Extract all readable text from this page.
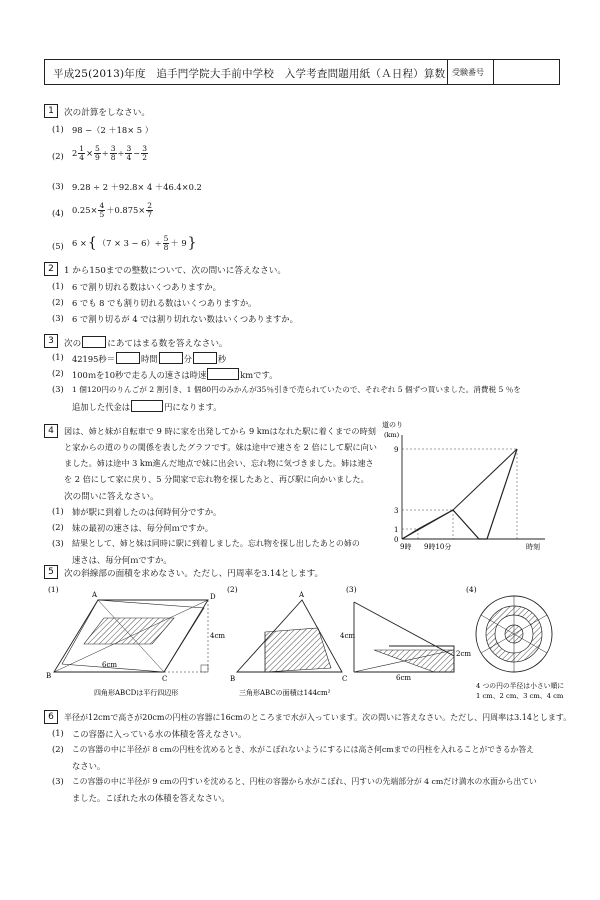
平成25(2013)年度　追手門学院大手前中学校　入学考査問題用紙（Ａ日程）算数 受験番号
1	次の計算をしなさい。
(1) 98 −（2 ＋18× 5 ）
(2) $2 \frac{1}{4} \times \frac{5}{9} \div \frac{3}{8} \div \frac{3}{4} - \frac{3}{2}$
(3) 9.28 ÷ 2 ＋92.8× 4 ＋46.4×0.2
(4) $0.25\times \frac{4}{5} +0.875\times \frac{2}{7}$
(5) 6 × { $(7 \times 3 - 6)\div \frac{5}{8} + 9$ }
2	1 から150までの整数について、次の問いに答えなさい。
(1) 6 で割り切れる数はいくつありますか。
(2) 6 でも 8 でも割り切れる数はいくつありますか。
(3) 6 で割り切るが 4 では割り切れない数はいくつありますか。
3	次の	にあてはまる数を答えなさい。
(1) 42195秒＝	時間	分	秒
(2) 100ｍを10秒で走る人の速さは時速	kmです。
(3) 1 個120円のりんごが 2 割引き、1 個80円のみかんが35％引きで売られていたので、それぞれ 5 個ずつ買いました。消費税 5 ％を
追加した代金は	円になります。
4	図は、姉と妹が自転車で 9 時に家を出発してから 9 kmはなれた駅に着くまでの時刻
と家からの道のりの関係を表したグラフです。妹は途中で速さを 2 倍にして駅に向い
ました。姉は途中 3 km進んだ地点で妹に出会い、忘れ物に気づきました。姉は速さ
を 2 倍にして家に戻り、5 分間家で忘れ物を探したあと、再び駅に向かいました。
次の問いに答えなさい。
(1) 姉が駅に到着したのは何時何分ですか。
(2) 妹の最初の速さは、毎分何ｍですか。
(3) 結果として、姉と妹は同時に駅に到着しました。忘れ物を探し出したあとの姉の
速さは、毎分何ｍですか。
道のり
(km)
9
3
1
0
9時 9時10分	時刻
5	次の斜線部の面積を求めなさい。ただし、円周率を3.14とします。
(1)
A	D
B	C
4cm
6cm
四角形ABCDは平行四辺形
(2)
A
B	C
三角形ABCの面積は144cm²
(3)
4cm
2cm
6cm
(4)
4 つの円の半径は小さい順に
1 cm、2 cm、3 cm、4 cm
6	半径が12cmで高さが20cmの円柱の容器に16cmのところまで水が入っています。次の問いに答えなさい。ただし、円周率は3.14とします。
(1) この容器に入っている水の体積を答えなさい。
(2) この容器の中に半径が 8 cmの円柱を沈めるとき、水がこぼれないようにするには高さ何cmまでの円柱を入れることができるか答え
なさい。
(3) この容器の中に半径が 9 cmの円すいを沈めると、円柱の容器から水がこぼれ、円すいの先端部分が 4 cmだけ満水の水面から出てい
ました。こぼれた水の体積を答えなさい。
